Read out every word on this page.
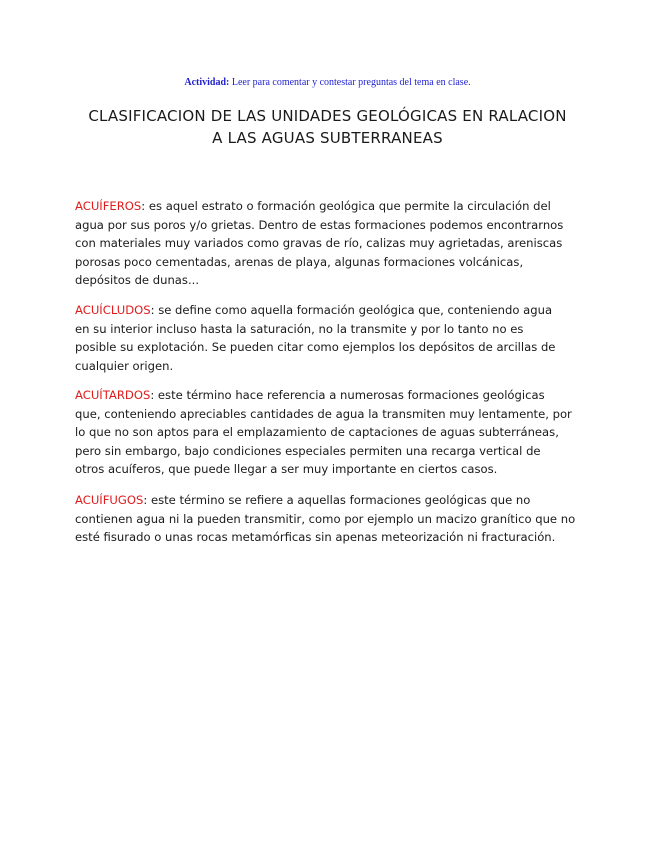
Actividad: Leer para comentar y contestar preguntas del tema en clase.
CLASIFICACION DE LAS UNIDADES GEOLÓGICAS EN RALACION
A LAS AGUAS SUBTERRANEAS
ACUÍFEROS: es aquel estrato o formación geológica que permite la circulación del
agua por sus poros y/o grietas. Dentro de estas formaciones podemos encontrarnos
con materiales muy variados como gravas de río, calizas muy agrietadas, areniscas
porosas poco cementadas, arenas de playa, algunas formaciones volcánicas,
depósitos de dunas...
ACUÍCLUDOS: se define como aquella formación geológica que, conteniendo agua
en su interior incluso hasta la saturación, no la transmite y por lo tanto no es
posible su explotación. Se pueden citar como ejemplos los depósitos de arcillas de
cualquier origen.
ACUÍTARDOS: este término hace referencia a numerosas formaciones geológicas
que, conteniendo apreciables cantidades de agua la transmiten muy lentamente, por
lo que no son aptos para el emplazamiento de captaciones de aguas subterráneas,
pero sin embargo, bajo condiciones especiales permiten una recarga vertical de
otros acuíferos, que puede llegar a ser muy importante en ciertos casos.
ACUÍFUGOS: este término se refiere a aquellas formaciones geológicas que no
contienen agua ni la pueden transmitir, como por ejemplo un macizo granítico que no
esté fisurado o unas rocas metamórficas sin apenas meteorización ni fracturación.
